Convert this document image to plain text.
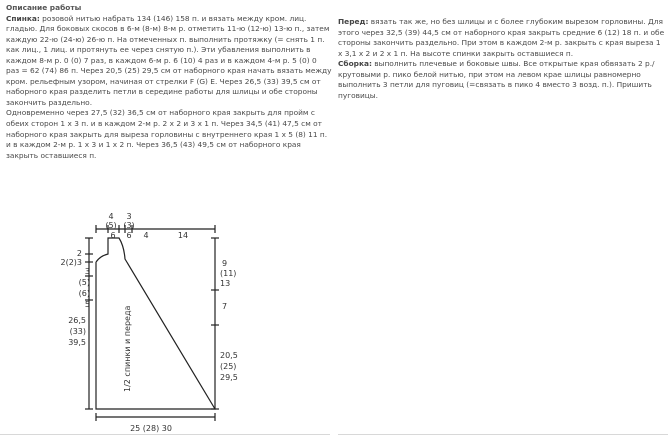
Описание работы
Спинка: розовой нитью набрать 134 (146) 158 п. и вязать между кром. лиц. гладью. Для боковых скосов в 6-м (8-м) 8-м р. отметить 11-ю (12-ю) 13-ю п., затем каждую 22-ю (24-ю) 26-ю п. На отмеченных п. выполнить протяжку (= снять 1 п. как лиц., 1 лиц. и протянуть ее через снятую п.). Эти убавления выполнить в каждом 8-м р. 0 (0) 7 раз, в каждом 6-м р. 6 (10) 4 раз и в каждом 4-м р. 5 (0) 0 раз = 62 (74) 86 п. Через 20,5 (25) 29,5 см от наборного края начать вязать между кром. рельефным узором, начиная от стрелки F (G) E. Через 26,5 (33) 39,5 см от наборного края разделить петли в середине работы для шлицы и обе стороны закончить раздельно.
Одновременно через 27,5 (32) 36,5 см от наборного края закрыть для пройм с обеих сторон 1 х 3 п. и в каждом 2-м р. 2 х 2 и 3 х 1 п. Через 34,5 (41) 47,5 см от наборного края закрыть для выреза горловины с внутреннего края 1 х 5 (8) 11 п. и в каждом 2-м р. 1 х 3 и 1 х 2 п. Через 36,5 (43) 49,5 см от наборного края закрыть оставшиеся п.
Перед: вязать так же, но без шлицы и с более глубоким вырезом горловины. Для этого через 32,5 (39) 44,5 см от наборного края закрыть средние 6 (12) 18 п. и обе стороны закончить раздельно. При этом в каждом 2-м р. закрыть с края выреза 1 х 3,1 х 2 и 2 х 1 п. На высоте спинки закрыть оставшиеся п.
Сборка: выполнить плечевые и боковые швы. Все открытые края обвязать 2 р./крутовыми р. пико белой нитью, при этом на левом крае шлицы равномерно выполнить 3 петли для пуговиц (=связать в пико 4 вместо 3 возд. п.). Пришить пуговицы.
4
(5)
3
(3)
6 6 4	14
2
2(2)3
3
(5)
(6)
5
26,5
(33)
39,5
9
(11)
13
7
20,5
(25)
29,5
25 (28) 30
1/2 спинки и переда
